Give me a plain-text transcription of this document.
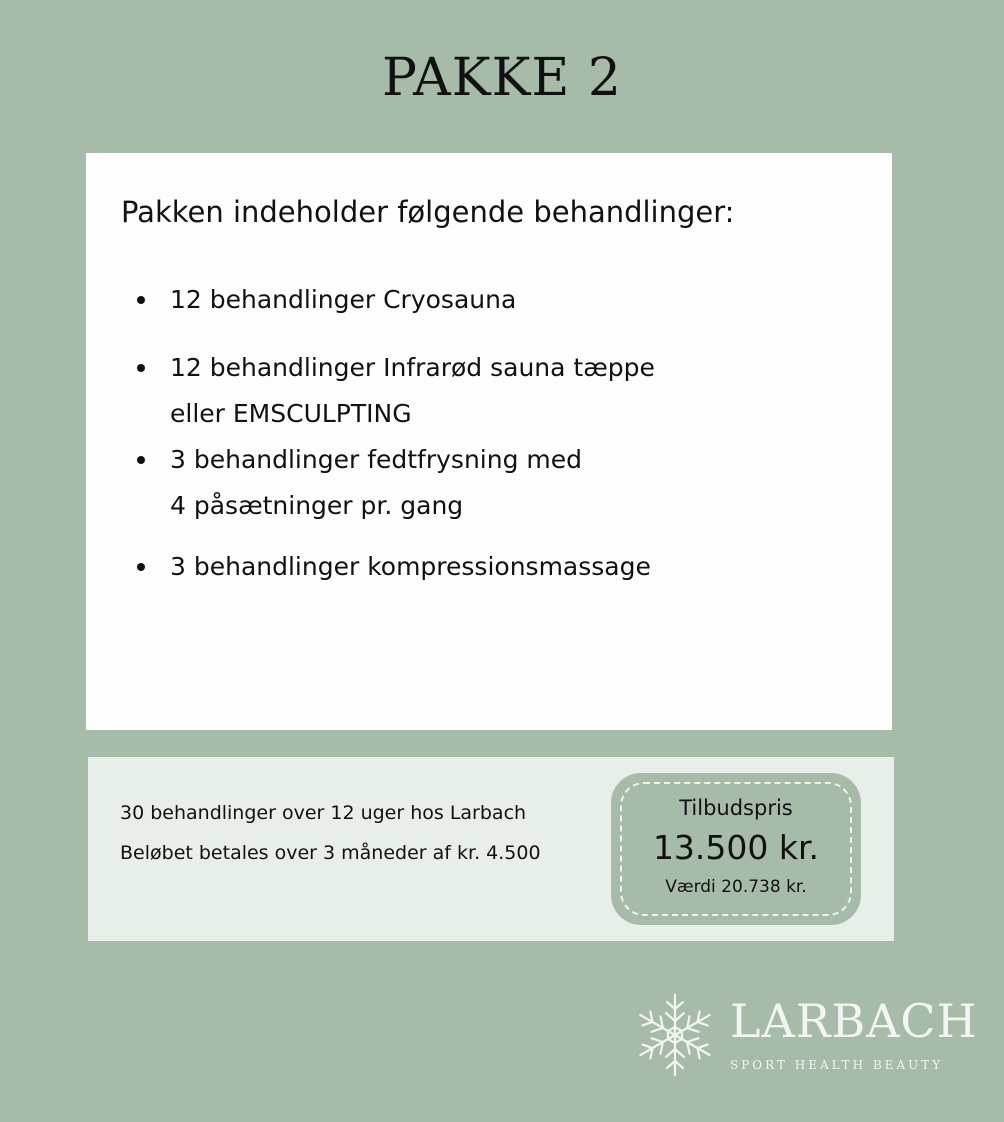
PAKKE 2
Pakken indeholder følgende behandlinger:
12 behandlinger Cryosauna
12 behandlinger Infrarød sauna tæppe
eller EMSCULPTING
3 behandlinger fedtfrysning med
4 påsætninger pr. gang
3 behandlinger kompressionsmassage
30 behandlinger over 12 uger hos Larbach
Beløbet betales over 3 måneder af kr. 4.500
Tilbudspris
13.500 kr.
Værdi 20.738 kr.
LARBACH
SPORT HEALTH BEAUTY
